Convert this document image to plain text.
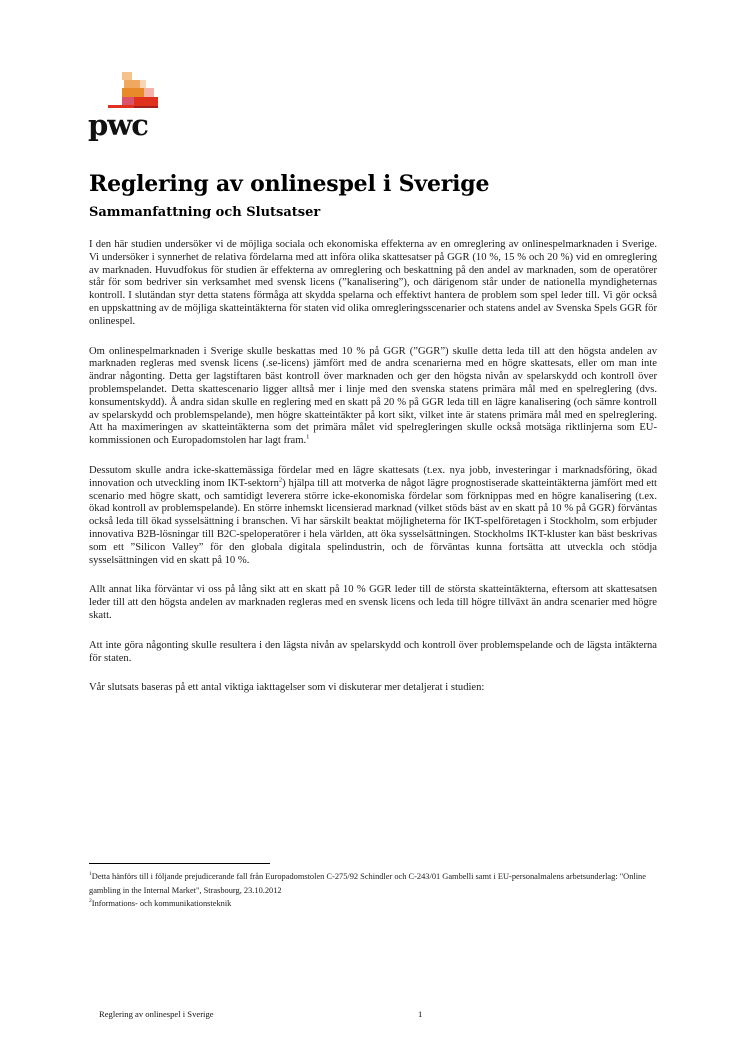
pwc
Reglering av onlinespel i Sverige
Sammanfattning och Slutsatser

I den här studien undersöker vi de möjliga sociala och ekonomiska effekterna av en omreglering av onlinespelmarknaden i Sverige. Vi undersöker i synnerhet de relativa fördelarna med att införa olika skattesatser på GGR (10 %, 15 % och 20 %) vid en omreglering av marknaden. Huvudfokus för studien är effekterna av omreglering och beskattning på den andel av marknaden, som de operatörer står för som bedriver sin verksamhet med svensk licens (”kanalisering”), och därigenom står under de nationella myndigheternas kontroll. I slutändan styr detta statens förmåga att skydda spelarna och effektivt hantera de problem som spel leder till. Vi gör också en uppskattning av de möjliga skatteintäkterna för staten vid olika omregleringsscenarier och statens andel av Svenska Spels GGR för onlinespel.

Om onlinespelmarknaden i Sverige skulle beskattas med 10 % på GGR (”GGR”) skulle detta leda till att den högsta andelen av marknaden regleras med svensk licens (.se-licens) jämfört med de andra scenarierna med en högre skattesats, eller om man inte ändrar någonting. Detta ger lagstiftaren bäst kontroll över marknaden och ger den högsta nivån av spelarskydd och kontroll över problemspelandet. Detta skattescenario ligger alltså mer i linje med den svenska statens primära mål med en spelreglering (dvs. konsumentskydd). Å andra sidan skulle en reglering med en skatt på 20 % på GGR leda till en lägre kanalisering (och sämre kontroll av spelarskydd och problemspelande), men högre skatteintäkter på kort sikt, vilket inte är statens primära mål med en spelreglering. Att ha maximeringen av skatteintäkterna som det primära målet vid spelregleringen skulle också motsäga riktlinjerna som EU-kommissionen och Europadomstolen har lagt fram.$^1$

Dessutom skulle andra icke-skattemässiga fördelar med en lägre skattesats (t.ex. nya jobb, investeringar i marknadsföring, ökad innovation och utveckling inom IKT-sektorn$^2$) hjälpa till att motverka de något lägre prognostiserade skatteintäkterna jämfört med ett scenario med högre skatt, och samtidigt leverera större icke-ekonomiska fördelar som förknippas med en högre kanalisering (t.ex. ökad kontroll av problemspelande). En större inhemskt licensierad marknad (vilket stöds bäst av en skatt på 10 % på GGR) förväntas också leda till ökad sysselsättning i branschen. Vi har särskilt beaktat möjligheterna för IKT-spelföretagen i Stockholm, som erbjuder innovativa B2B-lösningar till B2C-speloperatörer i hela världen, att öka sysselsättningen. Stockholms IKT-kluster kan bäst beskrivas som ett ”Silicon Valley” för den globala digitala spelindustrin, och de förväntas kunna fortsätta att utveckla och stödja sysselsättningen vid en skatt på 10 %.

Allt annat lika förväntar vi oss på lång sikt att en skatt på 10 % GGR leder till de största skatteintäkterna, eftersom att skattesatsen leder till att den högsta andelen av marknaden regleras med en svensk licens och leda till högre tillväxt än andra scenarier med högre skatt.

Att inte göra någonting skulle resultera i den lägsta nivån av spelarskydd och kontroll över problemspelande och de lägsta intäkterna för staten.

Vår slutsats baseras på ett antal viktiga iakttagelser som vi diskuterar mer detaljerat i studien:

$^1$Detta hänförs till i följande prejudicerande fall från Europadomstolen C-275/92 Schindler och C-243/01 Gambelli samt i EU-personalmalens arbetsunderlag: "Online gambling in the Internal Market", Strasbourg, 23.10.2012

$^2$Informations- och kommunikationsteknik

Reglering av onlinespel i Sverige	1
